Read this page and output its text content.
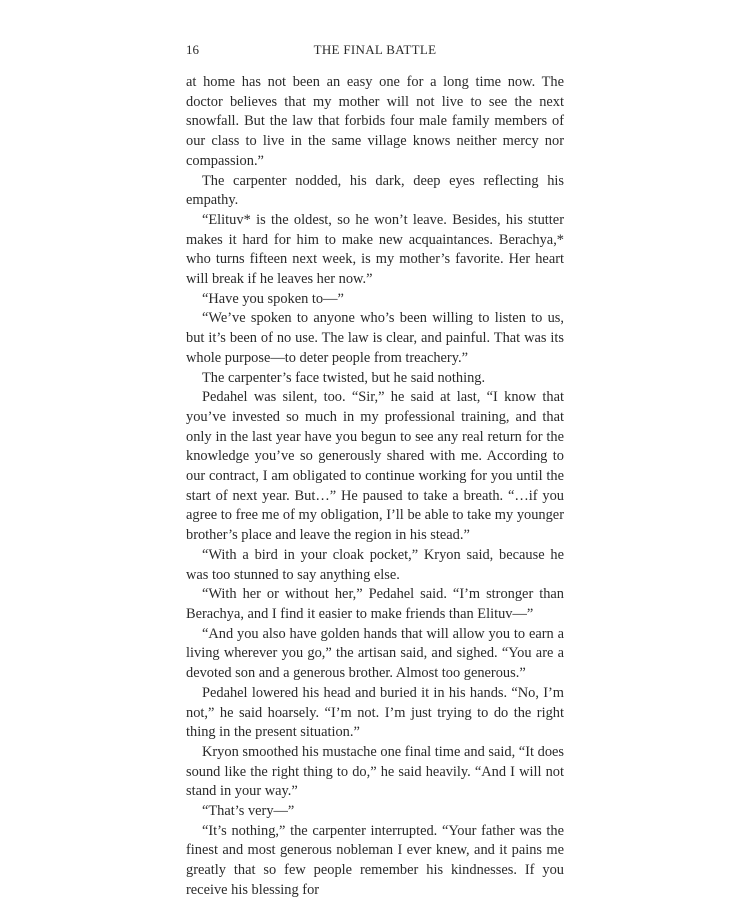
16	THE FINAL BATTLE

at home has not been an easy one for a long time now. The doctor believes that my mother will not live to see the next snowfall. But the law that forbids four male family members of our class to live in the same village knows neither mercy nor compassion.”

The carpenter nodded, his dark, deep eyes reflecting his empathy.

“Elituv* is the oldest, so he won’t leave. Besides, his stutter makes it hard for him to make new acquaintances. Berachya,* who turns fifteen next week, is my mother’s favorite. Her heart will break if he leaves her now.”

“Have you spoken to—”

“We’ve spoken to anyone who’s been willing to listen to us, but it’s been of no use. The law is clear, and painful. That was its whole purpose—to deter people from treachery.”

The carpenter’s face twisted, but he said nothing.

Pedahel was silent, too. “Sir,” he said at last, “I know that you’ve invested so much in my professional training, and that only in the last year have you begun to see any real return for the knowledge you’ve so generously shared with me. According to our contract, I am obligated to continue working for you until the start of next year. But…” He paused to take a breath. “…if you agree to free me of my obligation, I’ll be able to take my younger brother’s place and leave the region in his stead.”

“With a bird in your cloak pocket,” Kryon said, because he was too stunned to say anything else.

“With her or without her,” Pedahel said. “I’m stronger than Berachya, and I find it easier to make friends than Elituv—”

“And you also have golden hands that will allow you to earn a living wherever you go,” the artisan said, and sighed. “You are a devoted son and a generous brother. Almost too generous.”

Pedahel lowered his head and buried it in his hands. “No, I’m not,” he said hoarsely. “I’m not. I’m just trying to do the right thing in the present situation.”

Kryon smoothed his mustache one final time and said, “It does sound like the right thing to do,” he said heavily. “And I will not stand in your way.”

“That’s very—”

“It’s nothing,” the carpenter interrupted. “Your father was the finest and most generous nobleman I ever knew, and it pains me greatly that so few people remember his kindnesses. If you receive his blessing for
